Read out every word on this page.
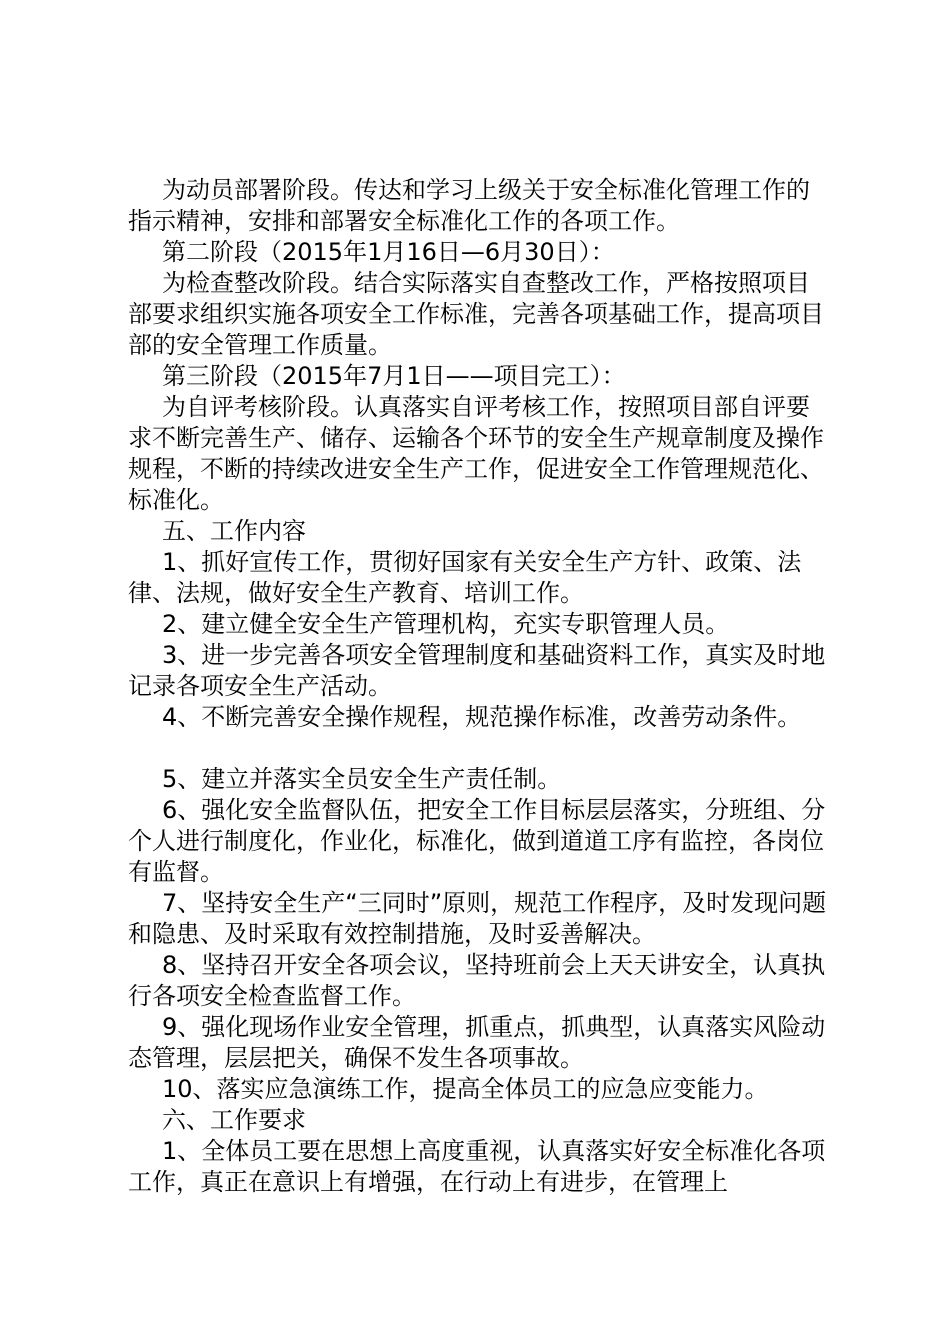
为动员部署阶段。传达和学习上级关于安全标准化管理工作的指示精神，安排和部署安全标准化工作的各项工作。

第二阶段（2015年1月16日—6月30日）：

为检查整改阶段。结合实际落实自查整改工作，严格按照项目部要求组织实施各项安全工作标准，完善各项基础工作，提高项目部的安全管理工作质量。

第三阶段（2015年7月1日——项目完工）：

为自评考核阶段。认真落实自评考核工作，按照项目部自评要求不断完善生产、储存、运输各个环节的安全生产规章制度及操作规程，不断的持续改进安全生产工作，促进安全工作管理规范化、标准化。

五、工作内容

1、抓好宣传工作，贯彻好国家有关安全生产方针、政策、法律、法规，做好安全生产教育、培训工作。

2、建立健全安全生产管理机构，充实专职管理人员。

3、进一步完善各项安全管理制度和基础资料工作，真实及时地记录各项安全生产活动。

4、不断完善安全操作规程，规范操作标准，改善劳动条件。

5、建立并落实全员安全生产责任制。

6、强化安全监督队伍，把安全工作目标层层落实，分班组、分个人进行制度化，作业化，标准化，做到道道工序有监控，各岗位有监督。

7、坚持安全生产“三同时”原则，规范工作程序，及时发现问题和隐患、及时采取有效控制措施，及时妥善解决。

8、坚持召开安全各项会议，坚持班前会上天天讲安全，认真执行各项安全检查监督工作。

9、强化现场作业安全管理，抓重点，抓典型，认真落实风险动态管理，层层把关，确保不发生各项事故。

10、落实应急演练工作，提高全体员工的应急应变能力。

六、工作要求

1、全体员工要在思想上高度重视，认真落实好安全标准化各项工作，真正在意识上有增强，在行动上有进步，在管理上
